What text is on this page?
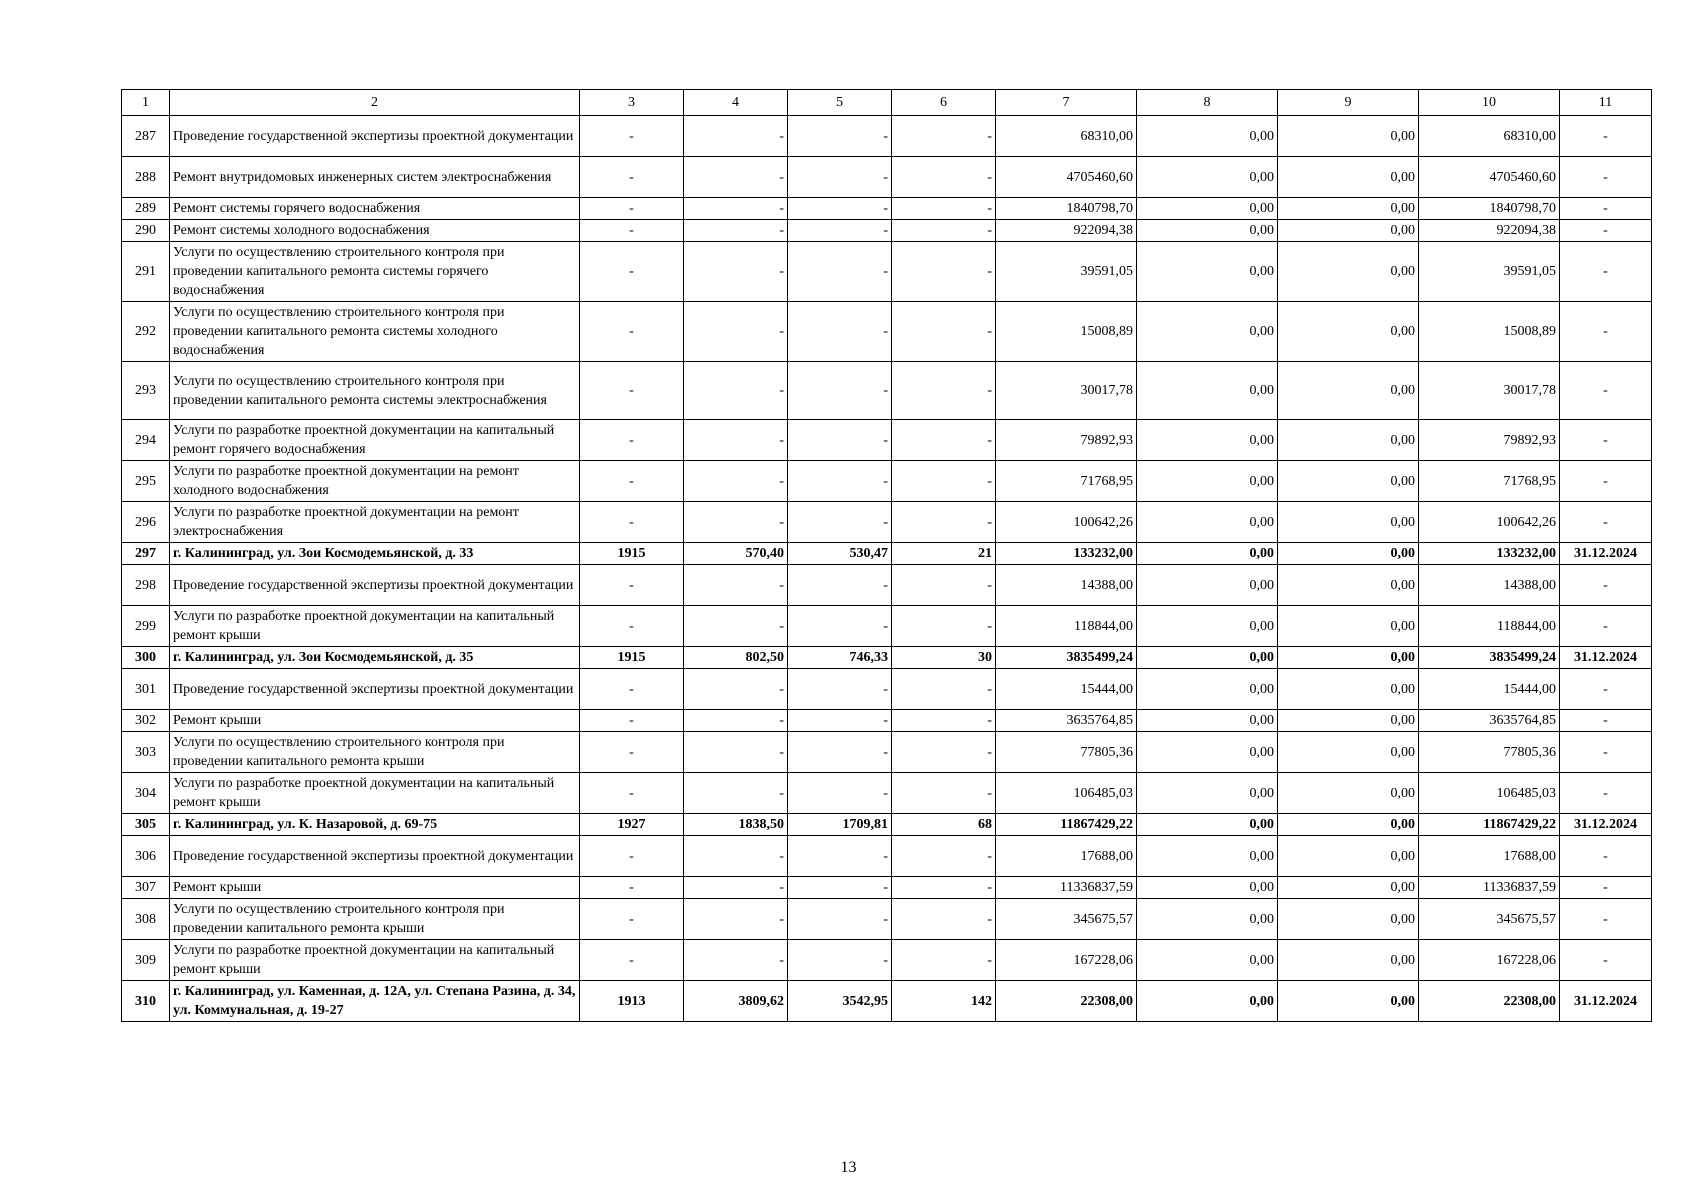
1	2	3	4	5	6	7	8	9	10	11
287	Проведение государственной экспертизы проектной документации	-	-	-	-	68310,00	0,00	0,00	68310,00	-
288	Ремонт внутридомовых инженерных систем электроснабжения	-	-	-	-	4705460,60	0,00	0,00	4705460,60	-
289	Ремонт системы горячего водоснабжения	-	-	-	-	1840798,70	0,00	0,00	1840798,70	-
290	Ремонт системы холодного водоснабжения	-	-	-	-	922094,38	0,00	0,00	922094,38	-
291	Услуги по осуществлению строительного контроля при проведении капитального ремонта системы горячего водоснабжения	-	-	-	-	39591,05	0,00	0,00	39591,05	-
292	Услуги по осуществлению строительного контроля при проведении капитального ремонта системы холодного водоснабжения	-	-	-	-	15008,89	0,00	0,00	15008,89	-
293	Услуги по осуществлению строительного контроля при проведении капитального ремонта системы электроснабжения	-	-	-	-	30017,78	0,00	0,00	30017,78	-
294	Услуги по разработке проектной документации на капитальный ремонт горячего водоснабжения	-	-	-	-	79892,93	0,00	0,00	79892,93	-
295	Услуги по разработке проектной документации на ремонт холодного водоснабжения	-	-	-	-	71768,95	0,00	0,00	71768,95	-
296	Услуги по разработке проектной документации на ремонт электроснабжения	-	-	-	-	100642,26	0,00	0,00	100642,26	-
297	г. Калининград, ул. Зои Космодемьянской, д. 33	1915	570,40	530,47	21	133232,00	0,00	0,00	133232,00	31.12.2024
298	Проведение государственной экспертизы проектной документации	-	-	-	-	14388,00	0,00	0,00	14388,00	-
299	Услуги по разработке проектной документации на капитальный ремонт крыши	-	-	-	-	118844,00	0,00	0,00	118844,00	-
300	г. Калининград, ул. Зои Космодемьянской, д. 35	1915	802,50	746,33	30	3835499,24	0,00	0,00	3835499,24	31.12.2024
301	Проведение государственной экспертизы проектной документации	-	-	-	-	15444,00	0,00	0,00	15444,00	-
302	Ремонт крыши	-	-	-	-	3635764,85	0,00	0,00	3635764,85	-
303	Услуги по осуществлению строительного контроля при проведении капитального ремонта крыши	-	-	-	-	77805,36	0,00	0,00	77805,36	-
304	Услуги по разработке проектной документации на капитальный ремонт крыши	-	-	-	-	106485,03	0,00	0,00	106485,03	-
305	г. Калининград, ул. К. Назаровой, д. 69-75	1927	1838,50	1709,81	68	11867429,22	0,00	0,00	11867429,22	31.12.2024
306	Проведение государственной экспертизы проектной документации	-	-	-	-	17688,00	0,00	0,00	17688,00	-
307	Ремонт крыши	-	-	-	-	11336837,59	0,00	0,00	11336837,59	-
308	Услуги по осуществлению строительного контроля при проведении капитального ремонта крыши	-	-	-	-	345675,57	0,00	0,00	345675,57	-
309	Услуги по разработке проектной документации на капитальный ремонт крыши	-	-	-	-	167228,06	0,00	0,00	167228,06	-
310	г. Калининград, ул. Каменная, д. 12А, ул. Степана Разина, д. 34, ул. Коммунальная, д. 19-27	1913	3809,62	3542,95	142	22308,00	0,00	0,00	22308,00	31.12.2024
13
